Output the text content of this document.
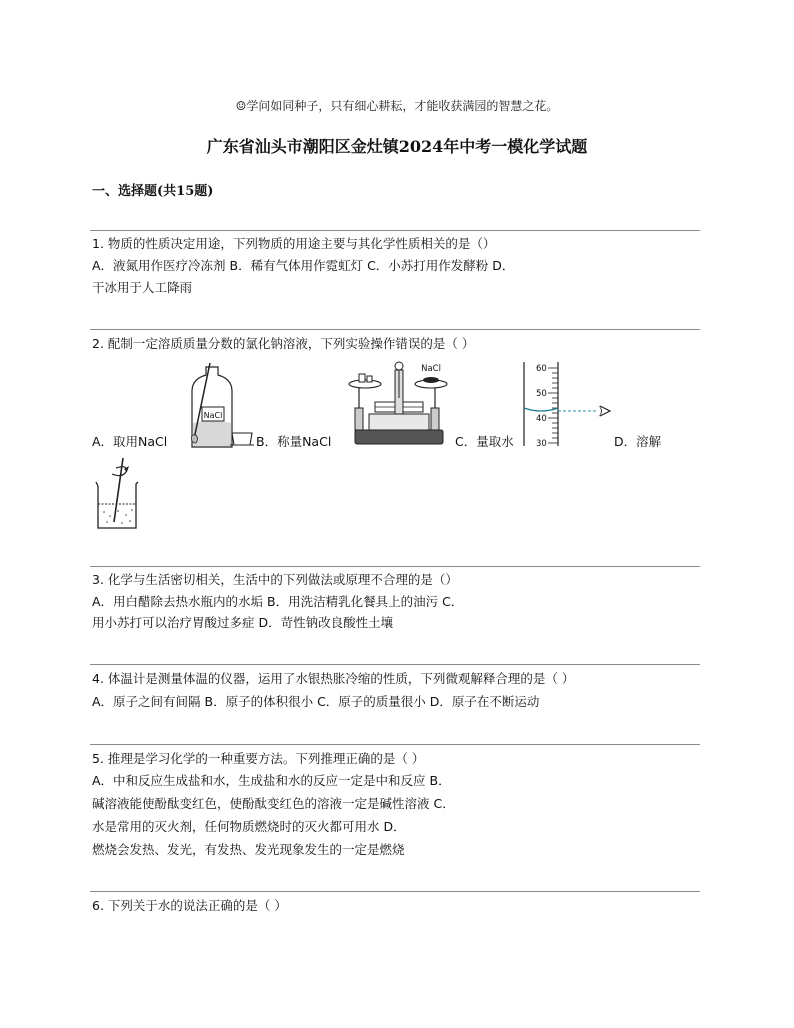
☺学问如同种子，只有细心耕耘，才能收获满园的智慧之花。
广东省汕头市潮阳区金灶镇2024年中考一模化学试题
一、选择题(共15题)
1. 物质的性质决定用途，下列物质的用途主要与其化学性质相关的是（）
A．液氮用作医疗冷冻剂 B．稀有气体用作霓虹灯 C．小苏打用作发酵粉 D．
干冰用于人工降雨
2. 配制一定溶质质量分数的氯化钠溶液，下列实验操作错误的是（ ）
A．取用NaCl	B．称量NaCl	C．量取水	D．溶解
NaCl
NaCl	60
50
40
30
3. 化学与生活密切相关，生活中的下列做法或原理不合理的是（）
A．用白醋除去热水瓶内的水垢 B．用洗洁精乳化餐具上的油污 C．
用小苏打可以治疗胃酸过多症 D．苛性钠改良酸性土壤
4. 体温计是测量体温的仪器，运用了水银热胀冷缩的性质，下列微观解释合理的是（ ）
A．原子之间有间隔 B．原子的体积很小 C．原子的质量很小 D．原子在不断运动
5. 推理是学习化学的一种重要方法。下列推理正确的是（ ）
A．中和反应生成盐和水，生成盐和水的反应一定是中和反应 B．
碱溶液能使酚酞变红色，使酚酞变红色的溶液一定是碱性溶液 C．
水是常用的灭火剂，任何物质燃烧时的灭火都可用水 D．
燃烧会发热、发光，有发热、发光现象发生的一定是燃烧
6. 下列关于水的说法正确的是（ ）
